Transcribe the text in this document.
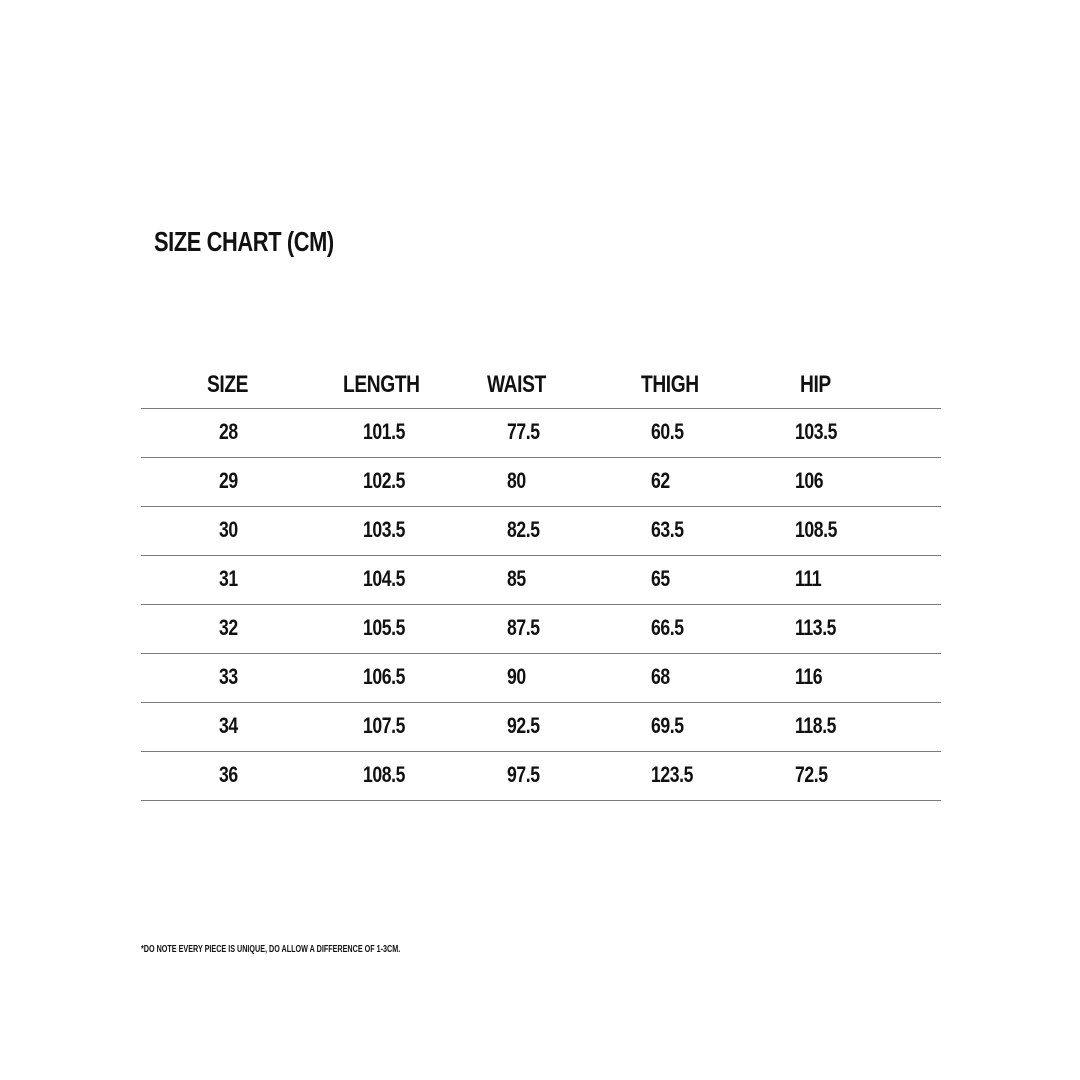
SIZE CHART (CM)
SIZE	LENGTH	WAIST	THIGH	HIP
28	101.5	77.5	60.5	103.5
29	102.5	80	62	106
30	103.5	82.5	63.5	108.5
31	104.5	85	65	111
32	105.5	87.5	66.5	113.5
33	106.5	90	68	116
34	107.5	92.5	69.5	118.5
36	108.5	97.5	123.5	72.5
*DO NOTE EVERY PIECE IS UNIQUE, DO ALLOW A DIFFERENCE OF 1-3CM.
